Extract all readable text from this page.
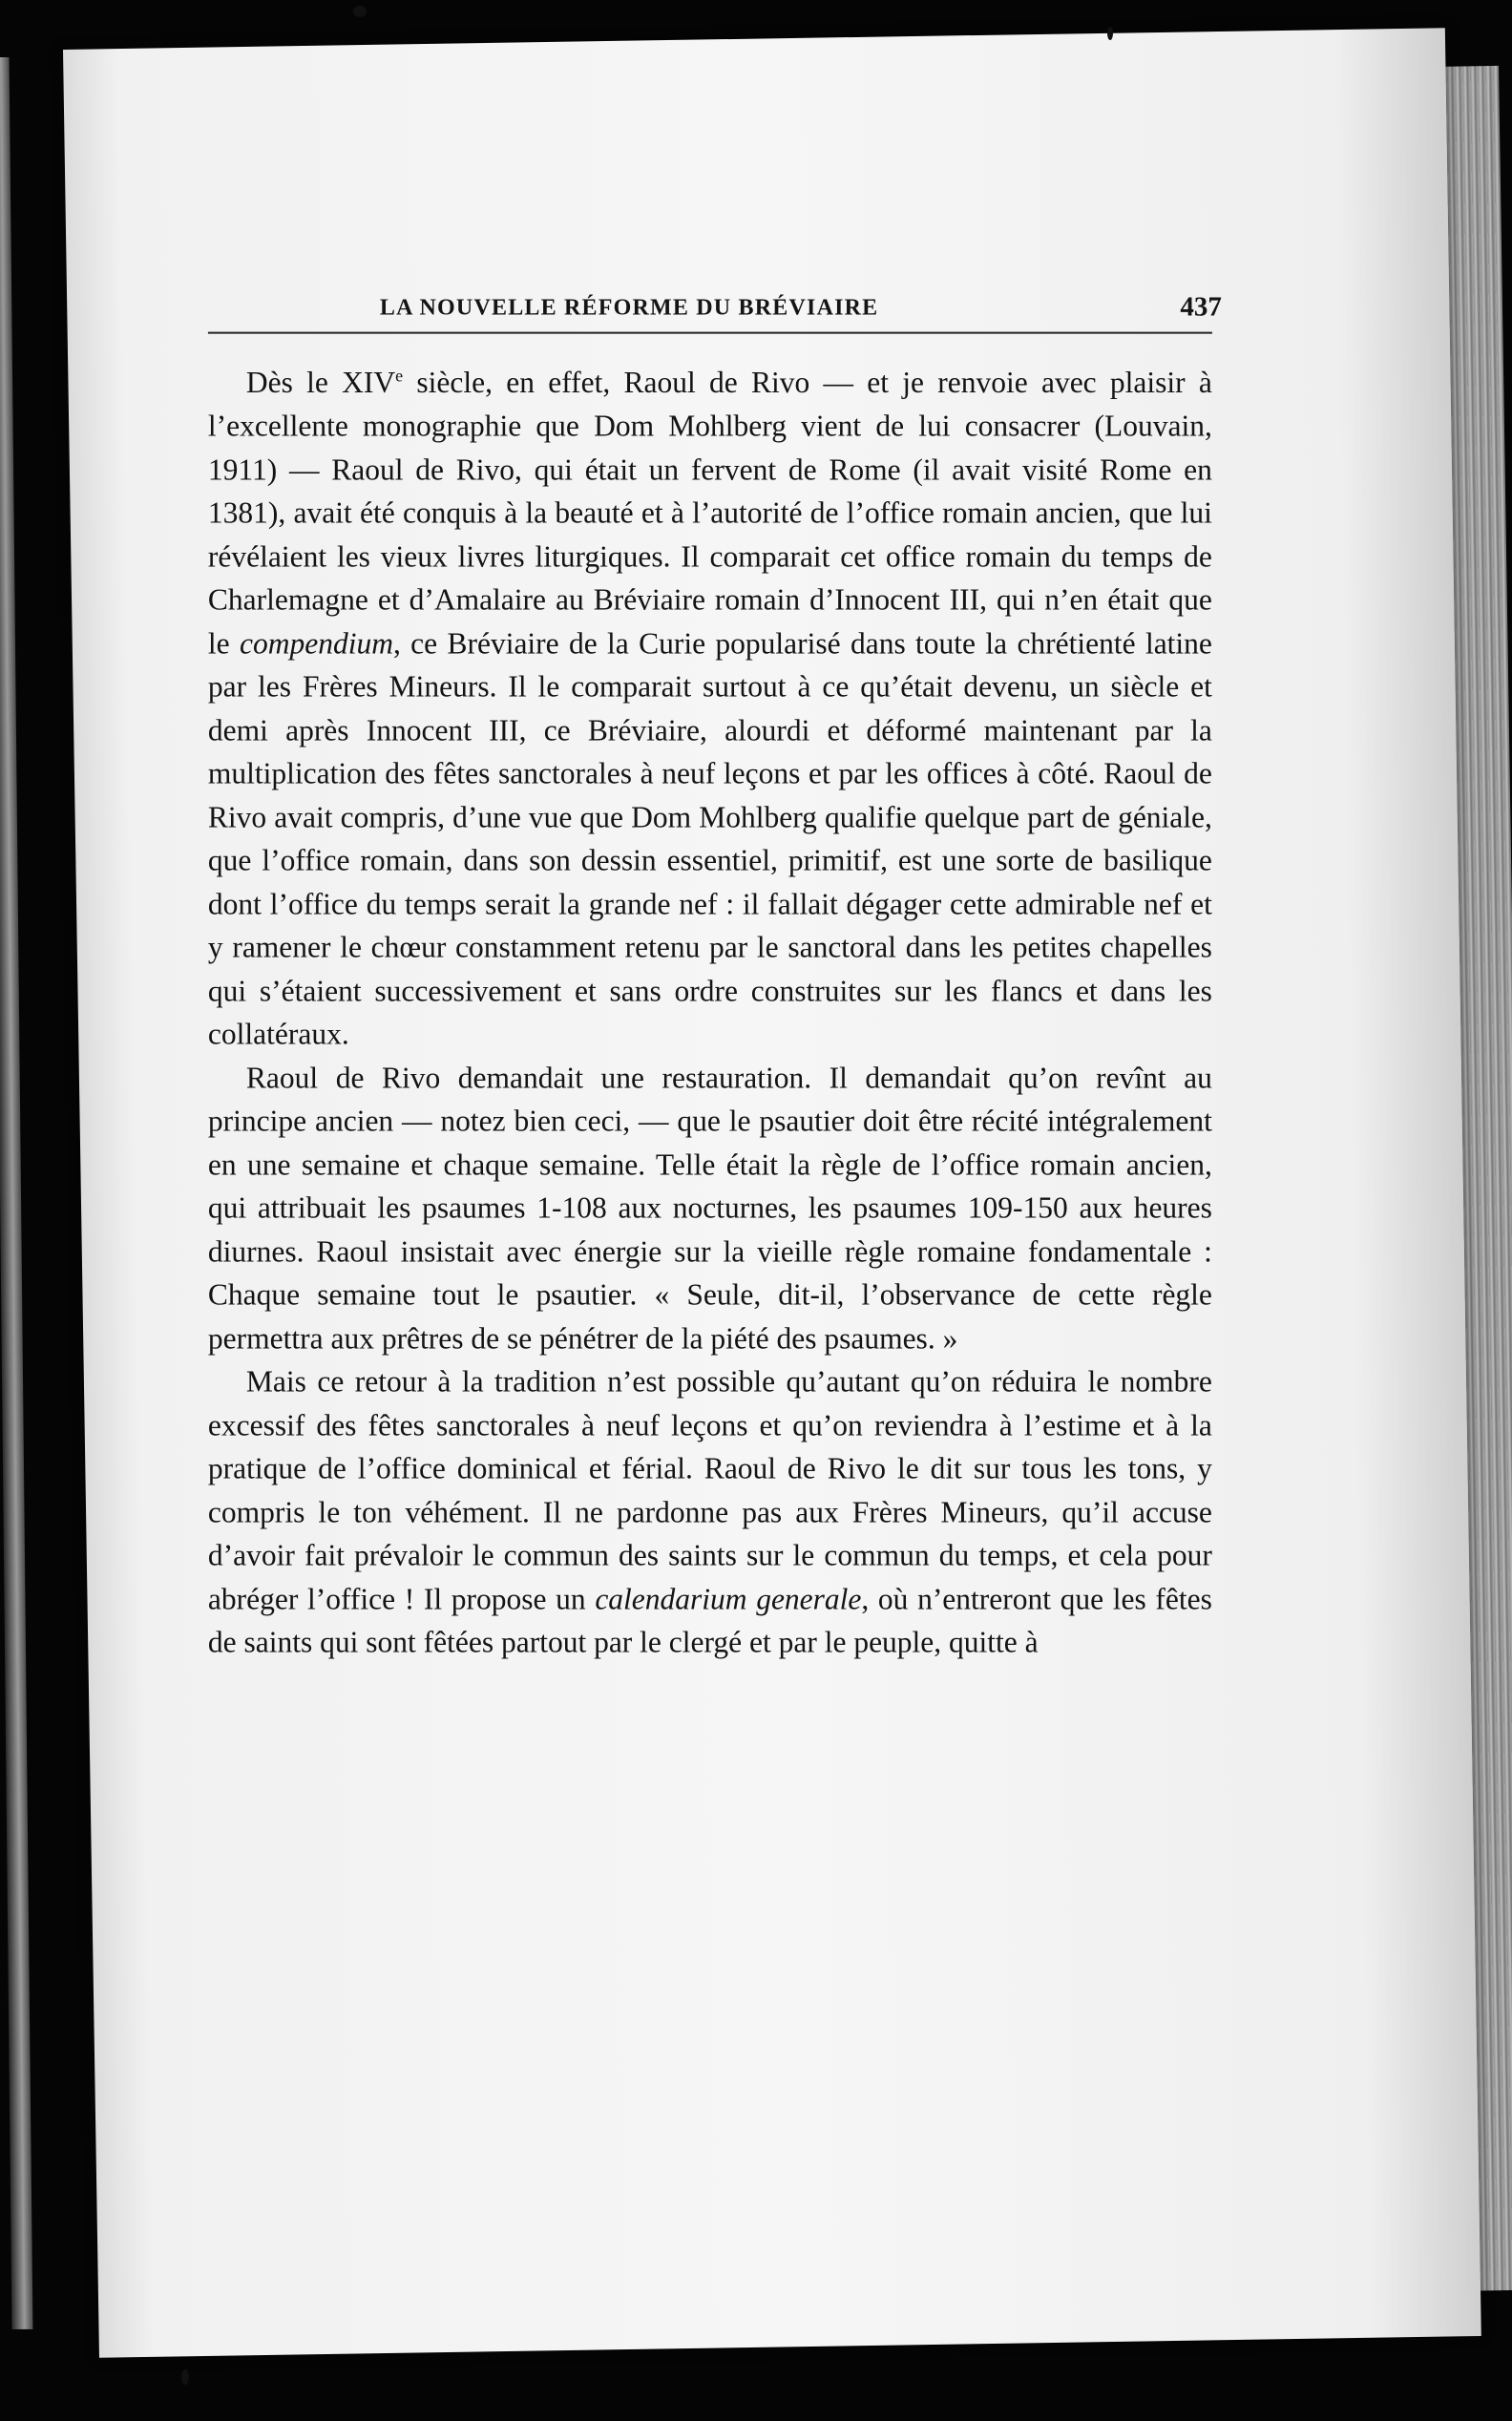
LA NOUVELLE RÉFORME DU BRÉVIAIRE	437

Dès le XIVe siècle, en effet, Raoul de Rivo — et je renvoie avec plaisir à l’excellente monographie que Dom Mohlberg vient de lui consacrer (Louvain, 1911) — Raoul de Rivo, qui était un fervent de Rome (il avait visité Rome en 1381), avait été conquis à la beauté et à l’autorité de l’office romain ancien, que lui révélaient les vieux livres liturgiques. Il comparait cet office romain du temps de Charlemagne et d’Amalaire au Bréviaire romain d’Innocent III, qui n’en était que le compendium, ce Bréviaire de la Curie popularisé dans toute la chrétienté latine par les Frères Mineurs. Il le comparait surtout à ce qu’était devenu, un siècle et demi après Innocent III, ce Bréviaire, alourdi et déformé maintenant par la multiplication des fêtes sanctorales à neuf leçons et par les offices à côté. Raoul de Rivo avait compris, d’une vue que Dom Mohlberg qualifie quelque part de géniale, que l’office romain, dans son dessin essentiel, primitif, est une sorte de basilique dont l’office du temps serait la grande nef : il fallait dégager cette admirable nef et y ramener le chœur constamment retenu par le sanctoral dans les petites chapelles qui s’étaient successivement et sans ordre construites sur les flancs et dans les collatéraux.

Raoul de Rivo demandait une restauration. Il demandait qu’on revînt au principe ancien — notez bien ceci, — que le psautier doit être récité intégralement en une semaine et chaque semaine. Telle était la règle de l’office romain ancien, qui attribuait les psaumes 1-108 aux nocturnes, les psaumes 109-150 aux heures diurnes. Raoul insistait avec énergie sur la vieille règle romaine fondamentale : Chaque semaine tout le psautier. « Seule, dit-il, l’observance de cette règle permettra aux prêtres de se pénétrer de la piété des psaumes. »

Mais ce retour à la tradition n’est possible qu’autant qu’on réduira le nombre excessif des fêtes sanctorales à neuf leçons et qu’on reviendra à l’estime et à la pratique de l’office dominical et férial. Raoul de Rivo le dit sur tous les tons, y compris le ton véhément. Il ne pardonne pas aux Frères Mineurs, qu’il accuse d’avoir fait prévaloir le commun des saints sur le commun du temps, et cela pour abréger l’office ! Il propose un calendarium generale, où n’entreront que les fêtes de saints qui sont fêtées partout par le clergé et par le peuple, quitte à
